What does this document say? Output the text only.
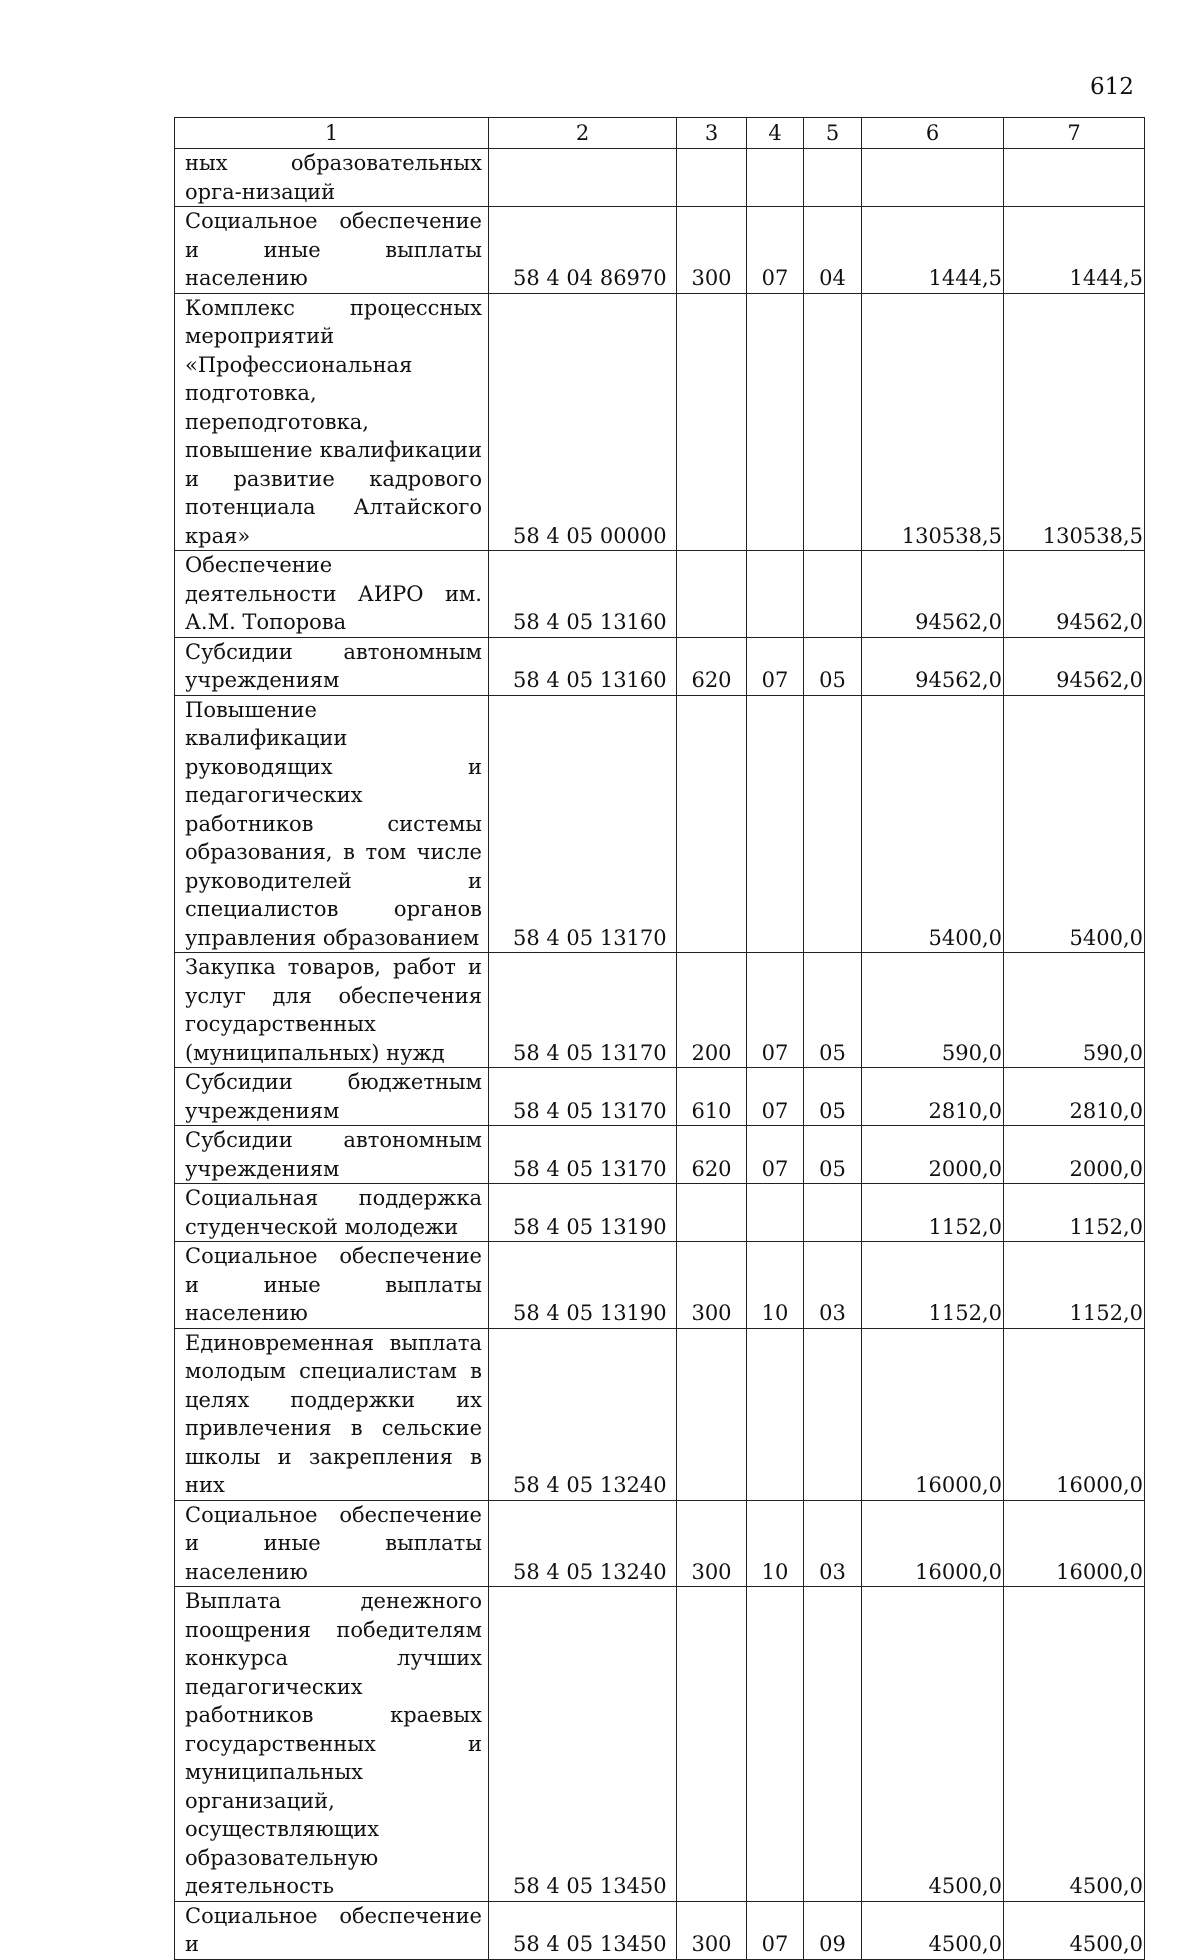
612
1	2	3	4	5	6	7
ных образовательных орга-низаций						
Социальное обеспечение и иные выплаты населению	58 4 04 86970	300	07	04	1444,5	1444,5
Комплекс процессных мероприятий «Профессиональная подготовка, переподготовка, повышение квалификации и развитие кадрового потенциала Алтайского края»	58 4 05 00000				130538,5	130538,5
Обеспечение деятельности АИРО им. А.М. Топорова	58 4 05 13160				94562,0	94562,0
Субсидии автономным учреждениям	58 4 05 13160	620	07	05	94562,0	94562,0
Повышение квалификации руководящих и педагогических работников системы образования, в том числе руководителей и специалистов органов управления образованием	58 4 05 13170				5400,0	5400,0
Закупка товаров, работ и услуг для обеспечения государственных (муниципальных) нужд	58 4 05 13170	200	07	05	590,0	590,0
Субсидии бюджетным учреждениям	58 4 05 13170	610	07	05	2810,0	2810,0
Субсидии автономным учреждениям	58 4 05 13170	620	07	05	2000,0	2000,0
Социальная поддержка студенческой молодежи	58 4 05 13190				1152,0	1152,0
Социальное обеспечение и иные выплаты населению	58 4 05 13190	300	10	03	1152,0	1152,0
Единовременная выплата молодым специалистам в целях поддержки их привлечения в сельские школы и закрепления в них	58 4 05 13240				16000,0	16000,0
Социальное обеспечение и иные выплаты населению	58 4 05 13240	300	10	03	16000,0	16000,0
Выплата денежного поощрения победителям конкурса лучших педагогических работников краевых государственных и муниципальных организаций, осуществляющих образовательную деятельность	58 4 05 13450				4500,0	4500,0
Социальное обеспечение и	58 4 05 13450	300	07	09	4500,0	4500,0
